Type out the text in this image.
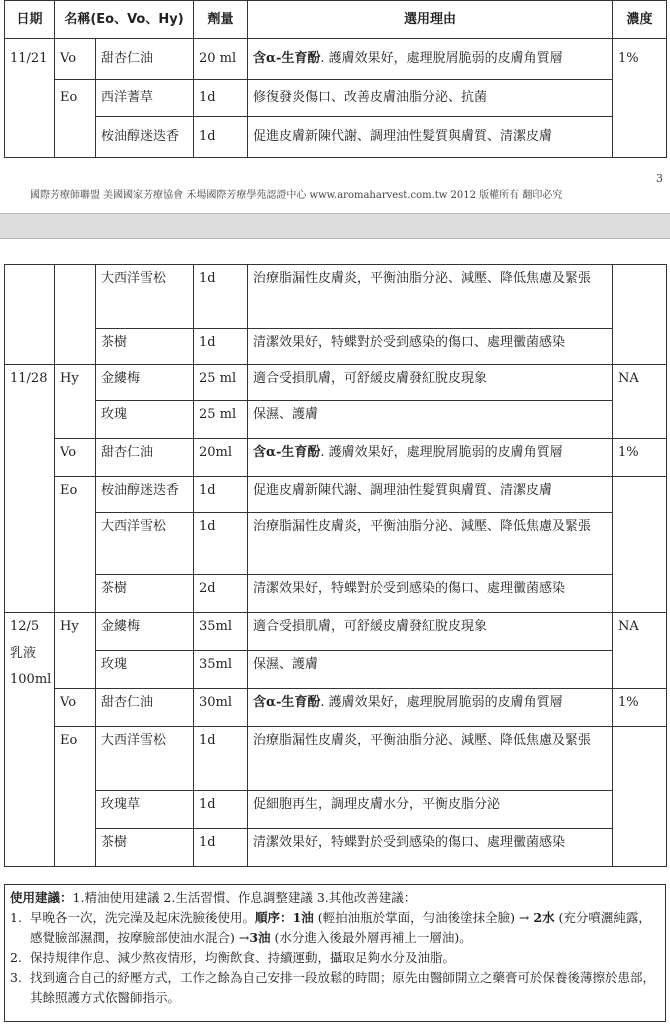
日期	名稱(Eo、Vo、Hy)		劑量	選用理由	濃度
11/21	Vo	甜杏仁油	20 ml	含α-生育酚. 護膚效果好，處理脫屑脆弱的皮膚角質層	1%
	Eo	西洋蓍草	1d	修復發炎傷口、改善皮膚油脂分泌、抗菌	
		桉油醇迷迭香	1d	促進皮膚新陳代謝、調理油性髮質與膚質、清潔皮膚	
3
國際芳療師聯盟 美國國家芳療協會 禾場國際芳療學苑認證中心 www.aromaharvest.com.tw 2012 版權所有 翻印必究
		大西洋雪松	1d	治療脂漏性皮膚炎，平衡油脂分泌、減壓、降低焦慮及緊張	
		茶樹	1d	清潔效果好，特蝶對於受到感染的傷口、處理黴菌感染	
11/28	Hy	金縷梅	25 ml	適合受損肌膚，可舒緩皮膚發紅脫皮現象	NA
		玫瑰	25 ml	保濕、護膚	
	Vo	甜杏仁油	20ml	含α-生育酚. 護膚效果好，處理脫屑脆弱的皮膚角質層	1%
	Eo	桉油醇迷迭香	1d	促進皮膚新陳代謝、調理油性髮質與膚質、清潔皮膚	
		大西洋雪松	1d	治療脂漏性皮膚炎，平衡油脂分泌、減壓、降低焦慮及緊張	
		茶樹	2d	清潔效果好，特蝶對於受到感染的傷口、處理黴菌感染	

12/5
乳液
100ml	Hy	金縷梅	35ml	適合受損肌膚，可舒緩皮膚發紅脫皮現象	NA
		玫瑰	35ml	保濕、護膚	
	Vo	甜杏仁油	30ml	含α-生育酚. 護膚效果好，處理脫屑脆弱的皮膚角質層	1%
	Eo	大西洋雪松	1d	治療脂漏性皮膚炎，平衡油脂分泌、減壓、降低焦慮及緊張	
		玫瑰草	1d	促細胞再生，調理皮膚水分，平衡皮脂分泌	
		茶樹	1d	清潔效果好，特蝶對於受到感染的傷口、處理黴菌感染	
使用建議：1.精油使用建議 2.生活習慣、作息調整建議 3.其他改善建議：
1. 早晚各一次，洗完澡及起床洗臉後使用。順序：1油 (輕拍油瓶於掌面，勻油後塗抹全臉) → 2水 (充分噴灑純露，感覺臉部濕潤，按摩臉部使油水混合) →3油 (水分進入後最外層再補上一層油)。
2. 保持規律作息、減少熬夜情形，均衡飲食、持續運動，攝取足夠水分及油脂。
3. 找到適合自己的紓壓方式，工作之餘為自己安排一段放鬆的時間；原先由醫師開立之藥膏可於保養後薄擦於患部，其餘照護方式依醫師指示。
